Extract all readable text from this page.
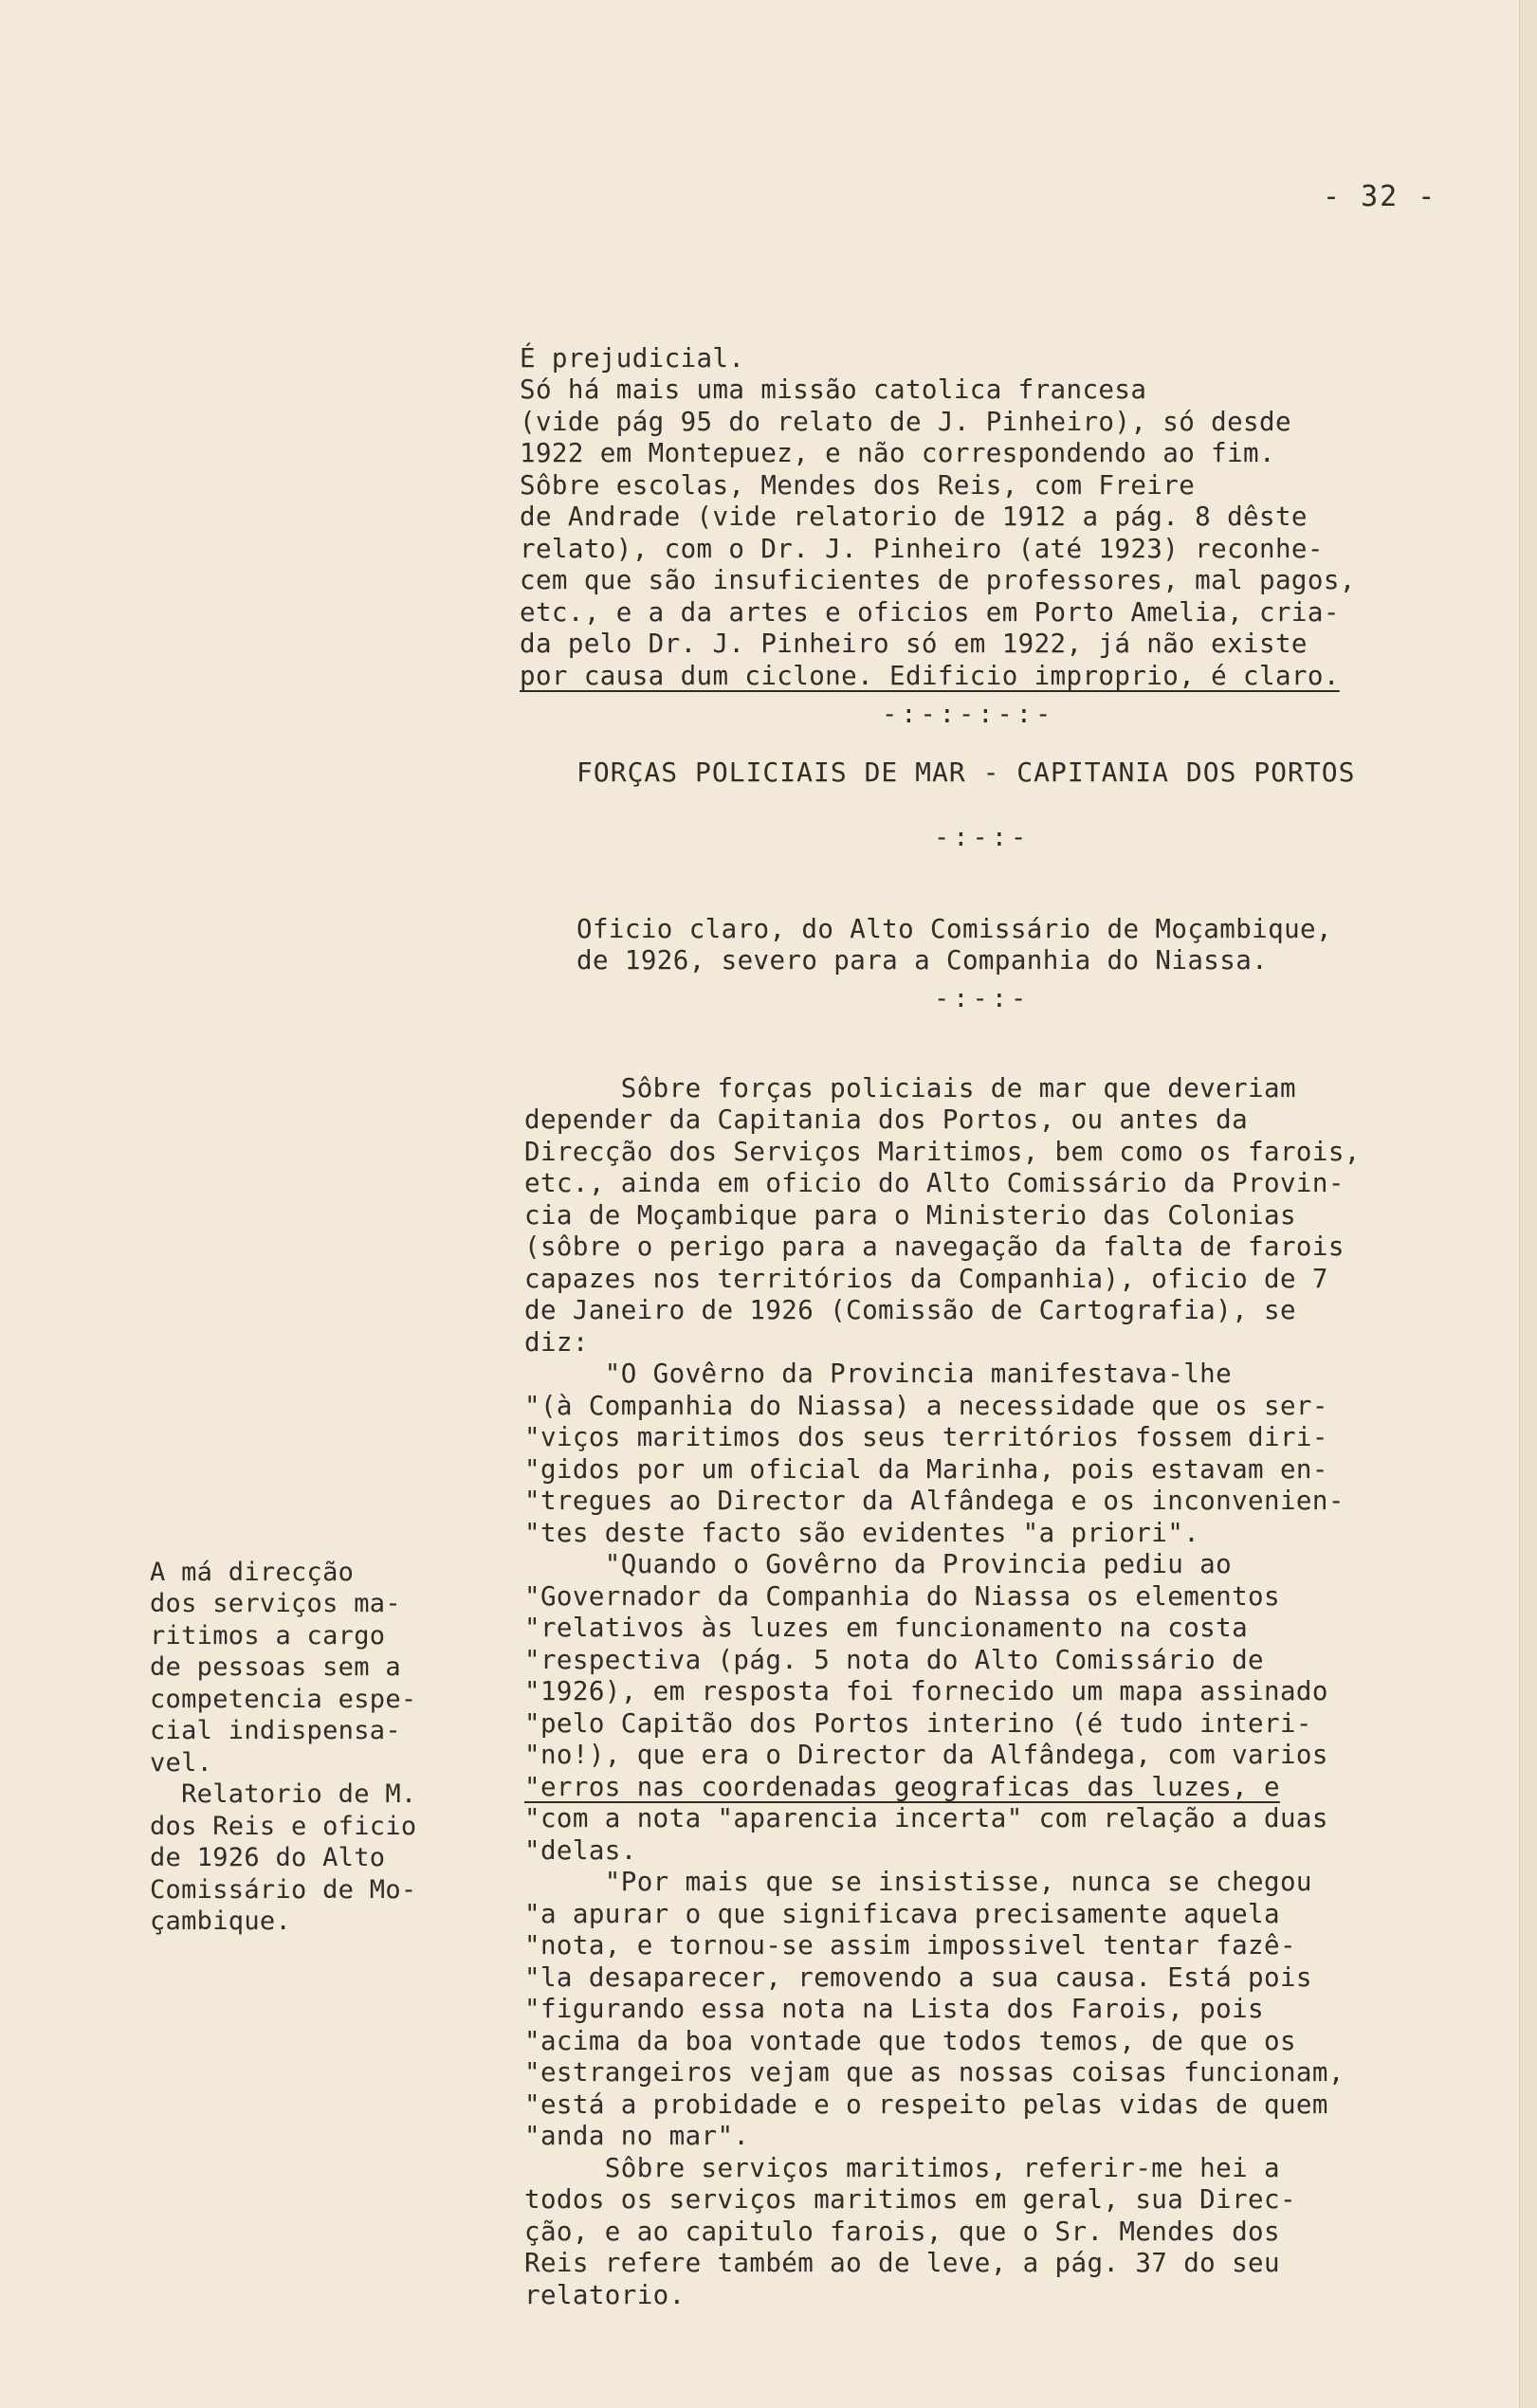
- 32 -

É prejudicial.
Só há mais uma missão catolica francesa
(vide pág 95 do relato de J. Pinheiro), só desde
1922 em Montepuez, e não correspondendo ao fim.
Sôbre escolas, Mendes dos Reis, com Freire
de Andrade (vide relatorio de 1912 a pág. 8 dêste
relato), com o Dr. J. Pinheiro (até 1923) reconhe-
cem que são insuficientes de professores, mal pagos,
etc., e a da artes e oficios em Porto Amelia, cria-
da pelo Dr. J. Pinheiro só em 1922, já não existe
por causa dum ciclone. Edificio improprio, é claro.

-:-:-:-:-
FORÇAS POLICIAIS DE MAR - CAPITANIA DOS PORTOS
-:-:-

Oficio claro, do Alto Comissário de Moçambique,
de 1926, severo para a Companhia do Niassa.

-:-:-

Sôbre forças policiais de mar que deveriam
depender da Capitania dos Portos, ou antes da
Direcção dos Serviços Maritimos, bem como os farois,
etc., ainda em oficio do Alto Comissário da Provin-
cia de Moçambique para o Ministerio das Colonias
(sôbre o perigo para a navegação da falta de farois
capazes nos territórios da Companhia), oficio de 7
de Janeiro de 1926 (Comissão de Cartografia), se
diz:
"O Govêrno da Provincia manifestava-lhe
"(à Companhia do Niassa) a necessidade que os ser-
"viços maritimos dos seus territórios fossem diri-
"gidos por um oficial da Marinha, pois estavam en-
"tregues ao Director da Alfândega e os inconvenien-
"tes deste facto são evidentes "a priori".
"Quando o Govêrno da Provincia pediu ao
"Governador da Companhia do Niassa os elementos
"relativos às luzes em funcionamento na costa
"respectiva (pág. 5 nota do Alto Comissário de
"1926), em resposta foi fornecido um mapa assinado
"pelo Capitão dos Portos interino (é tudo interi-
"no!), que era o Director da Alfândega, com varios
"erros nas coordenadas geograficas das luzes, e
"com a nota "aparencia incerta" com relação a duas
"delas.
"Por mais que se insistisse, nunca se chegou
"a apurar o que significava precisamente aquela
"nota, e tornou-se assim impossivel tentar fazê-
"la desaparecer, removendo a sua causa. Está pois
"figurando essa nota na Lista dos Farois, pois
"acima da boa vontade que todos temos, de que os
"estrangeiros vejam que as nossas coisas funcionam,
"está a probidade e o respeito pelas vidas de quem
"anda no mar".
Sôbre serviços maritimos, referir-me hei a
todos os serviços maritimos em geral, sua Direc-
ção, e ao capitulo farois, que o Sr. Mendes dos
Reis refere também ao de leve, a pág. 37 do seu
relatorio.

A má direcção
dos serviços ma-
ritimos a cargo
de pessoas sem a
competencia espe-
cial indispensa-
vel.
Relatorio de M.
dos Reis e oficio
de 1926 do Alto
Comissário de Mo-
çambique.
